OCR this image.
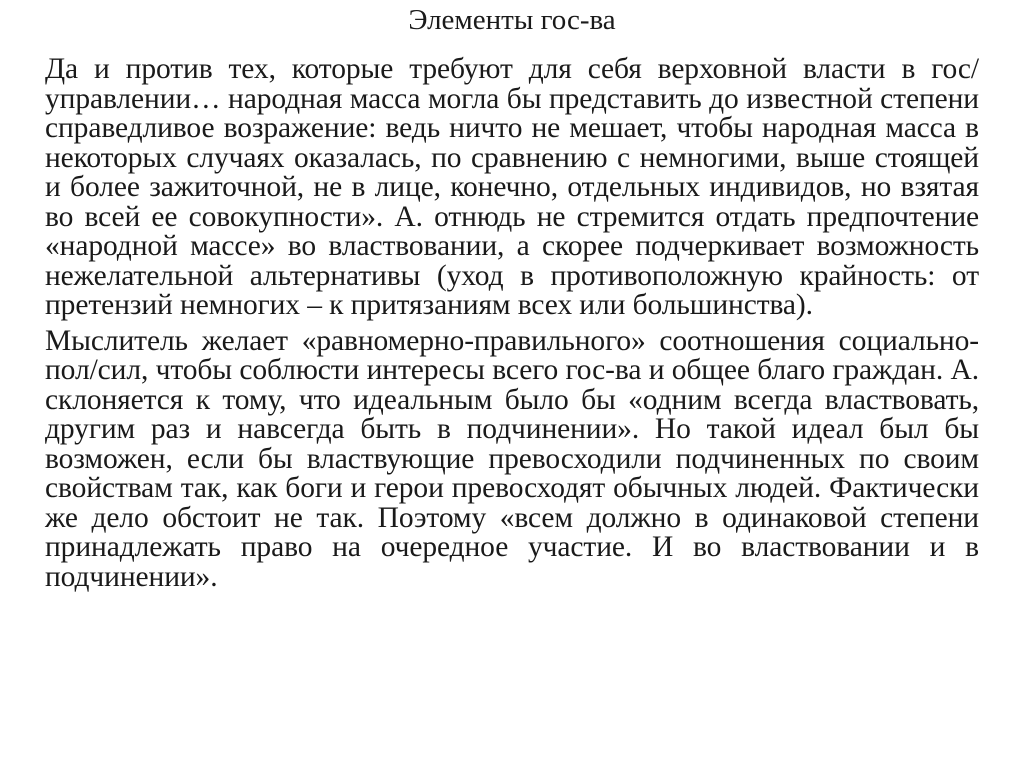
Элементы гос-ва

Да и против тех, которые требуют для себя верховной власти в гос/управлении… народная масса могла бы представить до известной степени справедливое возражение: ведь ничто не мешает, чтобы народная масса в некоторых случаях оказалась, по сравнению с немногими, выше стоящей и более зажиточной, не в лице, конечно, отдельных индивидов, но взятая во всей ее совокупности». А. отнюдь не стремится отдать предпочтение «народной массе» во властвовании, а скорее подчеркивает возможность нежелательной альтернативы (уход в противоположную крайность: от претензий немногих – к притязаниям всех или большинства).

Мыслитель желает «равномерно-правильного» соотношения социально-пол/сил, чтобы соблюсти интересы всего гос-ва и общее благо граждан. А. склоняется к тому, что идеальным было бы «одним всегда властвовать, другим раз и навсегда быть в подчинении». Но такой идеал был бы возможен, если бы властвующие превосходили подчиненных по своим свойствам так, как боги и герои превосходят обычных людей. Фактически же дело обстоит не так. Поэтому «всем должно в одинаковой степени принадлежать право на очередное участие. И во властвовании и в подчинении».
